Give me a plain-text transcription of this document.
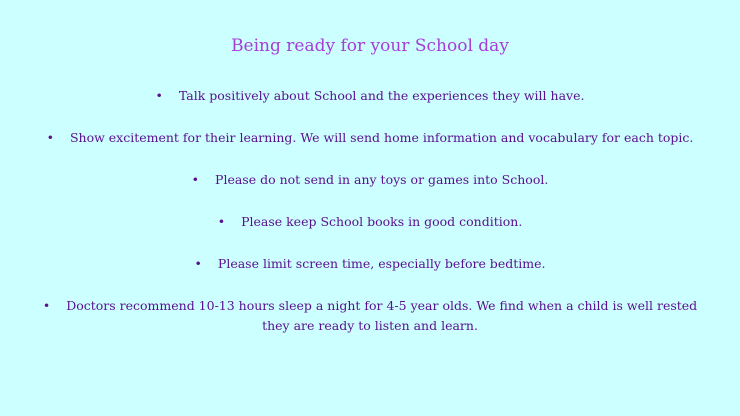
Being ready for your School day
• Talk positively about School and the experiences they will have.
• Show excitement for their learning. We will send home information and vocabulary for each topic.
• Please do not send in any toys or games into School.
• Please keep School books in good condition.
• Please limit screen time, especially before bedtime.
• Doctors recommend 10-13 hours sleep a night for 4-5 year olds. We find when a child is well rested they are ready to listen and learn.
